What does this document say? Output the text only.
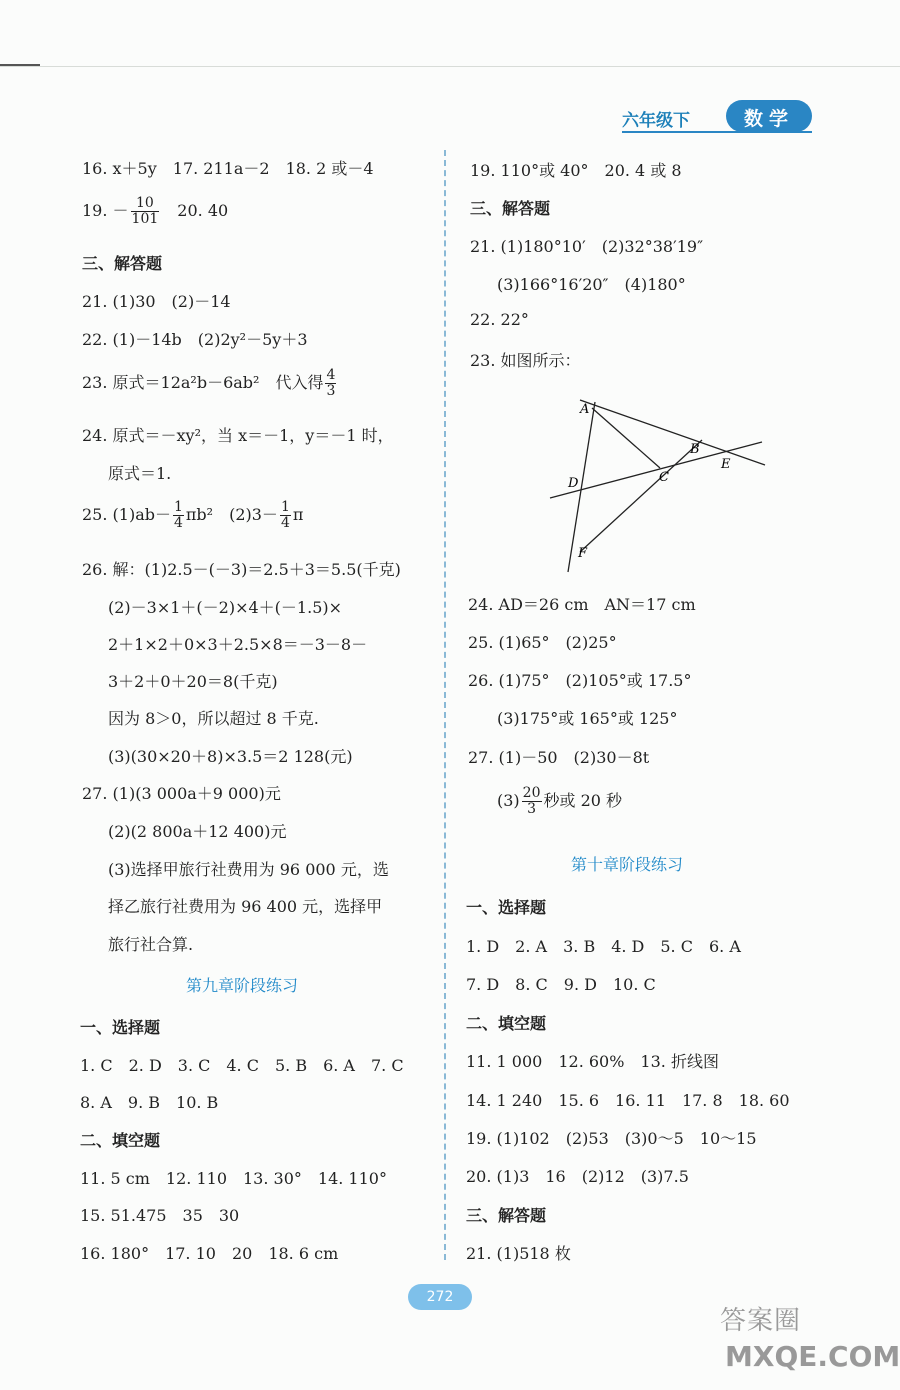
六年级下	数学
16. x＋5y　17. 211a－2　18. 2 或－4
19. － $\frac{10}{101}$ 　20. 40
三、解答题
21. (1)30　(2)－14
22. (1)－14b　(2)2y²－5y＋3
23. 原式＝12a²b－6ab²　代入得 $\frac{4}{3}$
24. 原式＝－xy²，当 x＝－1，y＝－1 时，
原式＝1.
25. $(1)ab- \frac{1}{4} \pi b^2$　$(2)3- \frac{1}{4}$ π
26. 解：(1)2.5－(－3)＝2.5＋3＝5.5(千克)
(2)－3×1＋(－2)×4＋(－1.5)×
2＋1×2＋0×3＋2.5×8＝－3－8－
3＋2＋0＋20＝8(千克)
因为 8＞0，所以超过 8 千克.
(3)(30×20＋8)×3.5＝2 128(元)
27. (1)(3 000a＋9 000)元
(2)(2 800a＋12 400)元
(3)选择甲旅行社费用为 96 000 元，选
择乙旅行社费用为 96 400 元，选择甲
旅行社合算.
第九章阶段练习
一、选择题
1. C　2. D　3. C　4. C　5. B　6. A　7. C
8. A　9. B　10. B
二、填空题
11. 5 cm　12. 110　13. 30°　14. 110°
15. 51.475　35　30
16. 180°　17. 10　20　18. 6 cm
19. 110°或 40°　20. 4 或 8
三、解答题
21. (1)180°10′　(2)32°38′19″
(3)166°16′20″　(4)180°
22. 22°
23. 如图所示：
A
B
C
D
E
F
24. AD＝26 cm　AN＝17 cm
25. (1)65°　(2)25°
26. (1)75°　(2)105°或 17.5°
(3)175°或 165°或 125°
27. (1)－50　(2)30－8t
$(3) \frac{20}{3}$ 秒或 20 秒
第十章阶段练习
一、选择题
1. D　2. A　3. B　4. D　5. C　6. A
7. D　8. C　9. D　10. C
二、填空题
11. 1 000　12. 60%　13. 折线图
14. 1 240　15. 6　16. 11　17. 8　18. 60
19. (1)102　(2)53　(3)0～5　10～15
20. (1)3　16　(2)12　(3)7.5
三、解答题
21. (1)518 枚
272
答案圈
MXQE.COM
